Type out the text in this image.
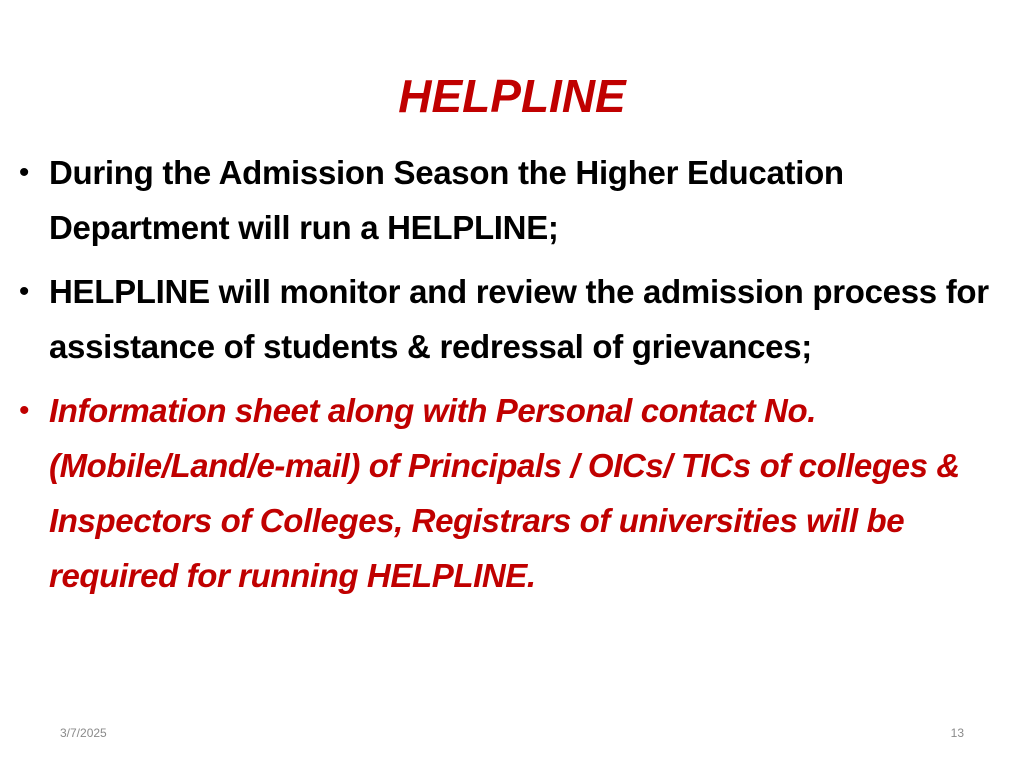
HELPLINE
• During the Admission Season the Higher Education Department will run a HELPLINE;
• HELPLINE will monitor and review the admission process for assistance of students & redressal of grievances;
• Information sheet along with Personal contact No. (Mobile/Land/e-mail) of Principals / OICs/ TICs of colleges & Inspectors of Colleges, Registrars of universities will be required for running HELPLINE.
3/7/2025	13
